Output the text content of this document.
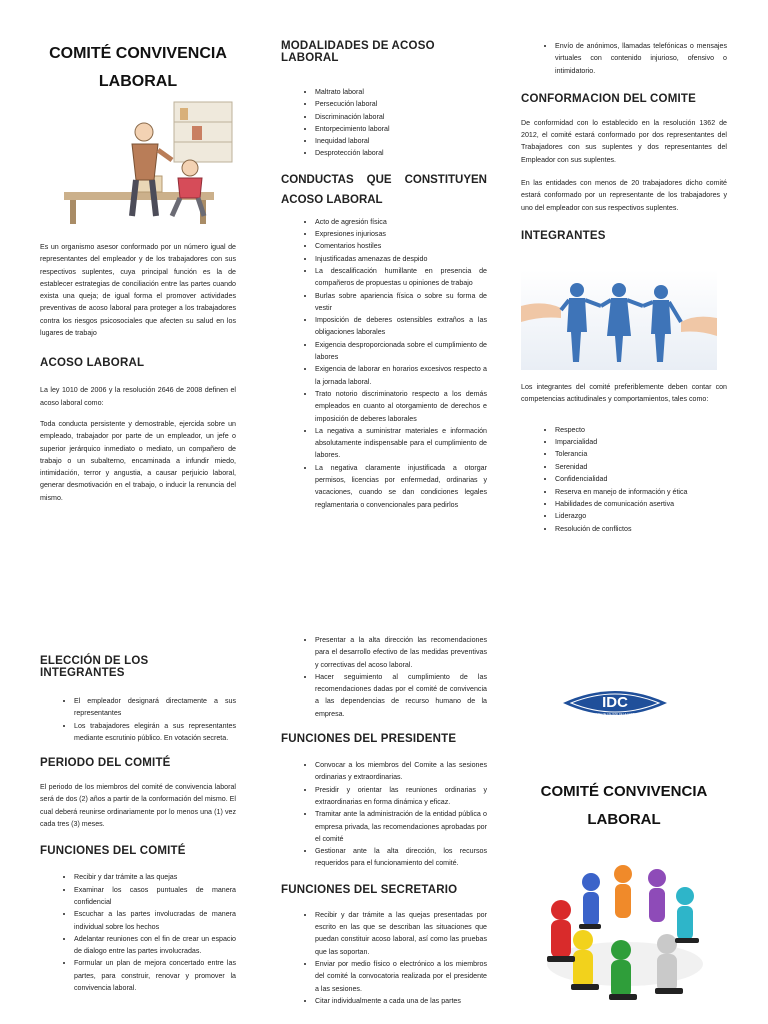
COMITÉ CONVIVENCIA LABORAL

Es un organismo asesor conformado por un número igual de representantes del empleador y de los trabajadores con sus respectivos suplentes, cuya principal función es la de establecer estrategias de conciliación entre las partes cuando exista una queja; de igual forma el promover actividades preventivas de acoso laboral para proteger a los trabajadores contra los riesgos psicosociales que afecten su salud en los lugares de trabajo

ACOSO LABORAL

La ley 1010 de 2006 y la resolución 2646 de 2008 definen el acoso laboral como:

Toda conducta persistente y demostrable, ejercida sobre un empleado, trabajador por parte de un empleador, un jefe o superior jerárquico inmediato o mediato, un compañero de trabajo o un subalterno, encaminada a infundir miedo, intimidación, terror y angustia, a causar perjuicio laboral, generar desmotivación en el trabajo, o inducir la renuncia del mismo.

MODALIDADES DE ACOSO LABORAL
• Maltrato laboral
• Persecución laboral
• Discriminación laboral
• Entorpecimiento laboral
• Inequidad laboral
• Desprotección laboral
CONDUCTAS QUE CONSTITUYEN ACOSO LABORAL
• Acto de agresión física
• Expresiones injuriosas
• Comentarios hostiles
• Injustificadas amenazas de despido
• La descalificación humillante en presencia de compañeros de propuestas u opiniones de trabajo
• Burlas sobre apariencia física o sobre su forma de vestir
• Imposición de deberes ostensibles extraños a las obligaciones laborales
• Exigencia desproporcionada sobre el cumplimiento de labores
• Exigencia de laborar en horarios excesivos respecto a la jornada laboral.
• Trato notorio discriminatorio respecto a los demás empleados en cuanto al otorgamiento de derechos e imposición de deberes laborales
• La negativa a suministrar materiales e información absolutamente indispensable para el cumplimiento de labores.
• La negativa claramente injustificada a otorgar permisos, licencias por enfermedad, ordinarias y vacaciones, cuando se dan condiciones legales reglamentaria o convencionales para pedirlos
• Envío de anónimos, llamadas telefónicas o mensajes virtuales con contenido injurioso, ofensivo o intimidatorio.
CONFORMACION DEL COMITE

De conformidad con lo establecido en la resolución 1362 de 2012, el comité estará conformado por dos representantes del Trabajadores con sus suplentes y dos representantes del Empleador con sus suplentes.

En las entidades con menos de 20 trabajadores dicho comité estará conformado por un representante de los trabajadores y uno del empleador con sus respectivos suplentes.

INTEGRANTES

Los integrantes del comité preferiblemente deben contar con competencias actitudinales y comportamientos, tales como:

• Respecto
• Imparcialidad
• Tolerancia
• Serenidad
• Confidencialidad
• Reserva en manejo de información y ética
• Habilidades de comunicación asertiva
• Liderazgo
• Resolución de conflictos
ELECCIÓN DE LOS INTEGRANTES
• El empleador designará directamente a sus representantes
• Los trabajadores elegirán a sus representantes mediante escrutinio público. En votación secreta.
PERIODO DEL COMITÉ

El periodo de los miembros del comité de convivencia laboral será de dos (2) años a partir de la conformación del mismo. El cual deberá reunirse ordinariamente por lo menos una (1) vez cada tres (3) meses.

FUNCIONES DEL COMITÉ
• Recibir y dar trámite a las quejas
• Examinar los casos puntuales de manera confidencial
• Escuchar a las partes involucradas de manera individual sobre los hechos
• Adelantar reuniones con el fin de crear un espacio de dialogo entre las partes involucradas.
• Formular un plan de mejora concertado entre las partes, para construir, renovar y promover la convivencia laboral.
• Presentar a la alta dirección las recomendaciones para el desarrollo efectivo de las medidas preventivas y correctivas del acoso laboral.
• Hacer seguimiento al cumplimiento de las recomendaciones dadas por el comité de convivencia a las dependencias de recurso humano de la empresa.
FUNCIONES DEL PRESIDENTE
• Convocar a los miembros del Comite a las sesiones ordinarias y extraordinarias.
• Presidir y orientar las reuniones ordinarias y extraordinarias en forma dinámica y eficaz.
• Tramitar ante la administración de la entidad pública o empresa privada, las recomendaciones aprobadas por el comité
• Gestionar ante la alta dirección, los recursos requeridos para el funcionamiento del comité.
FUNCIONES DEL SECRETARIO
• Recibir y dar trámite a las quejas presentadas por escrito en las que se describan las situaciones que puedan constituir acoso laboral, así como las pruebas que las soportan.
• Enviar por medio físico o electrónico a los miembros del comité la convocatoria realizada por el presidente a las sesiones.
• Citar individualmente a cada una de las partes
IDC
INGENIERIA DE CALIDAD DE LA COSTA S.A.S
COMITÉ CONVIVENCIA LABORAL
